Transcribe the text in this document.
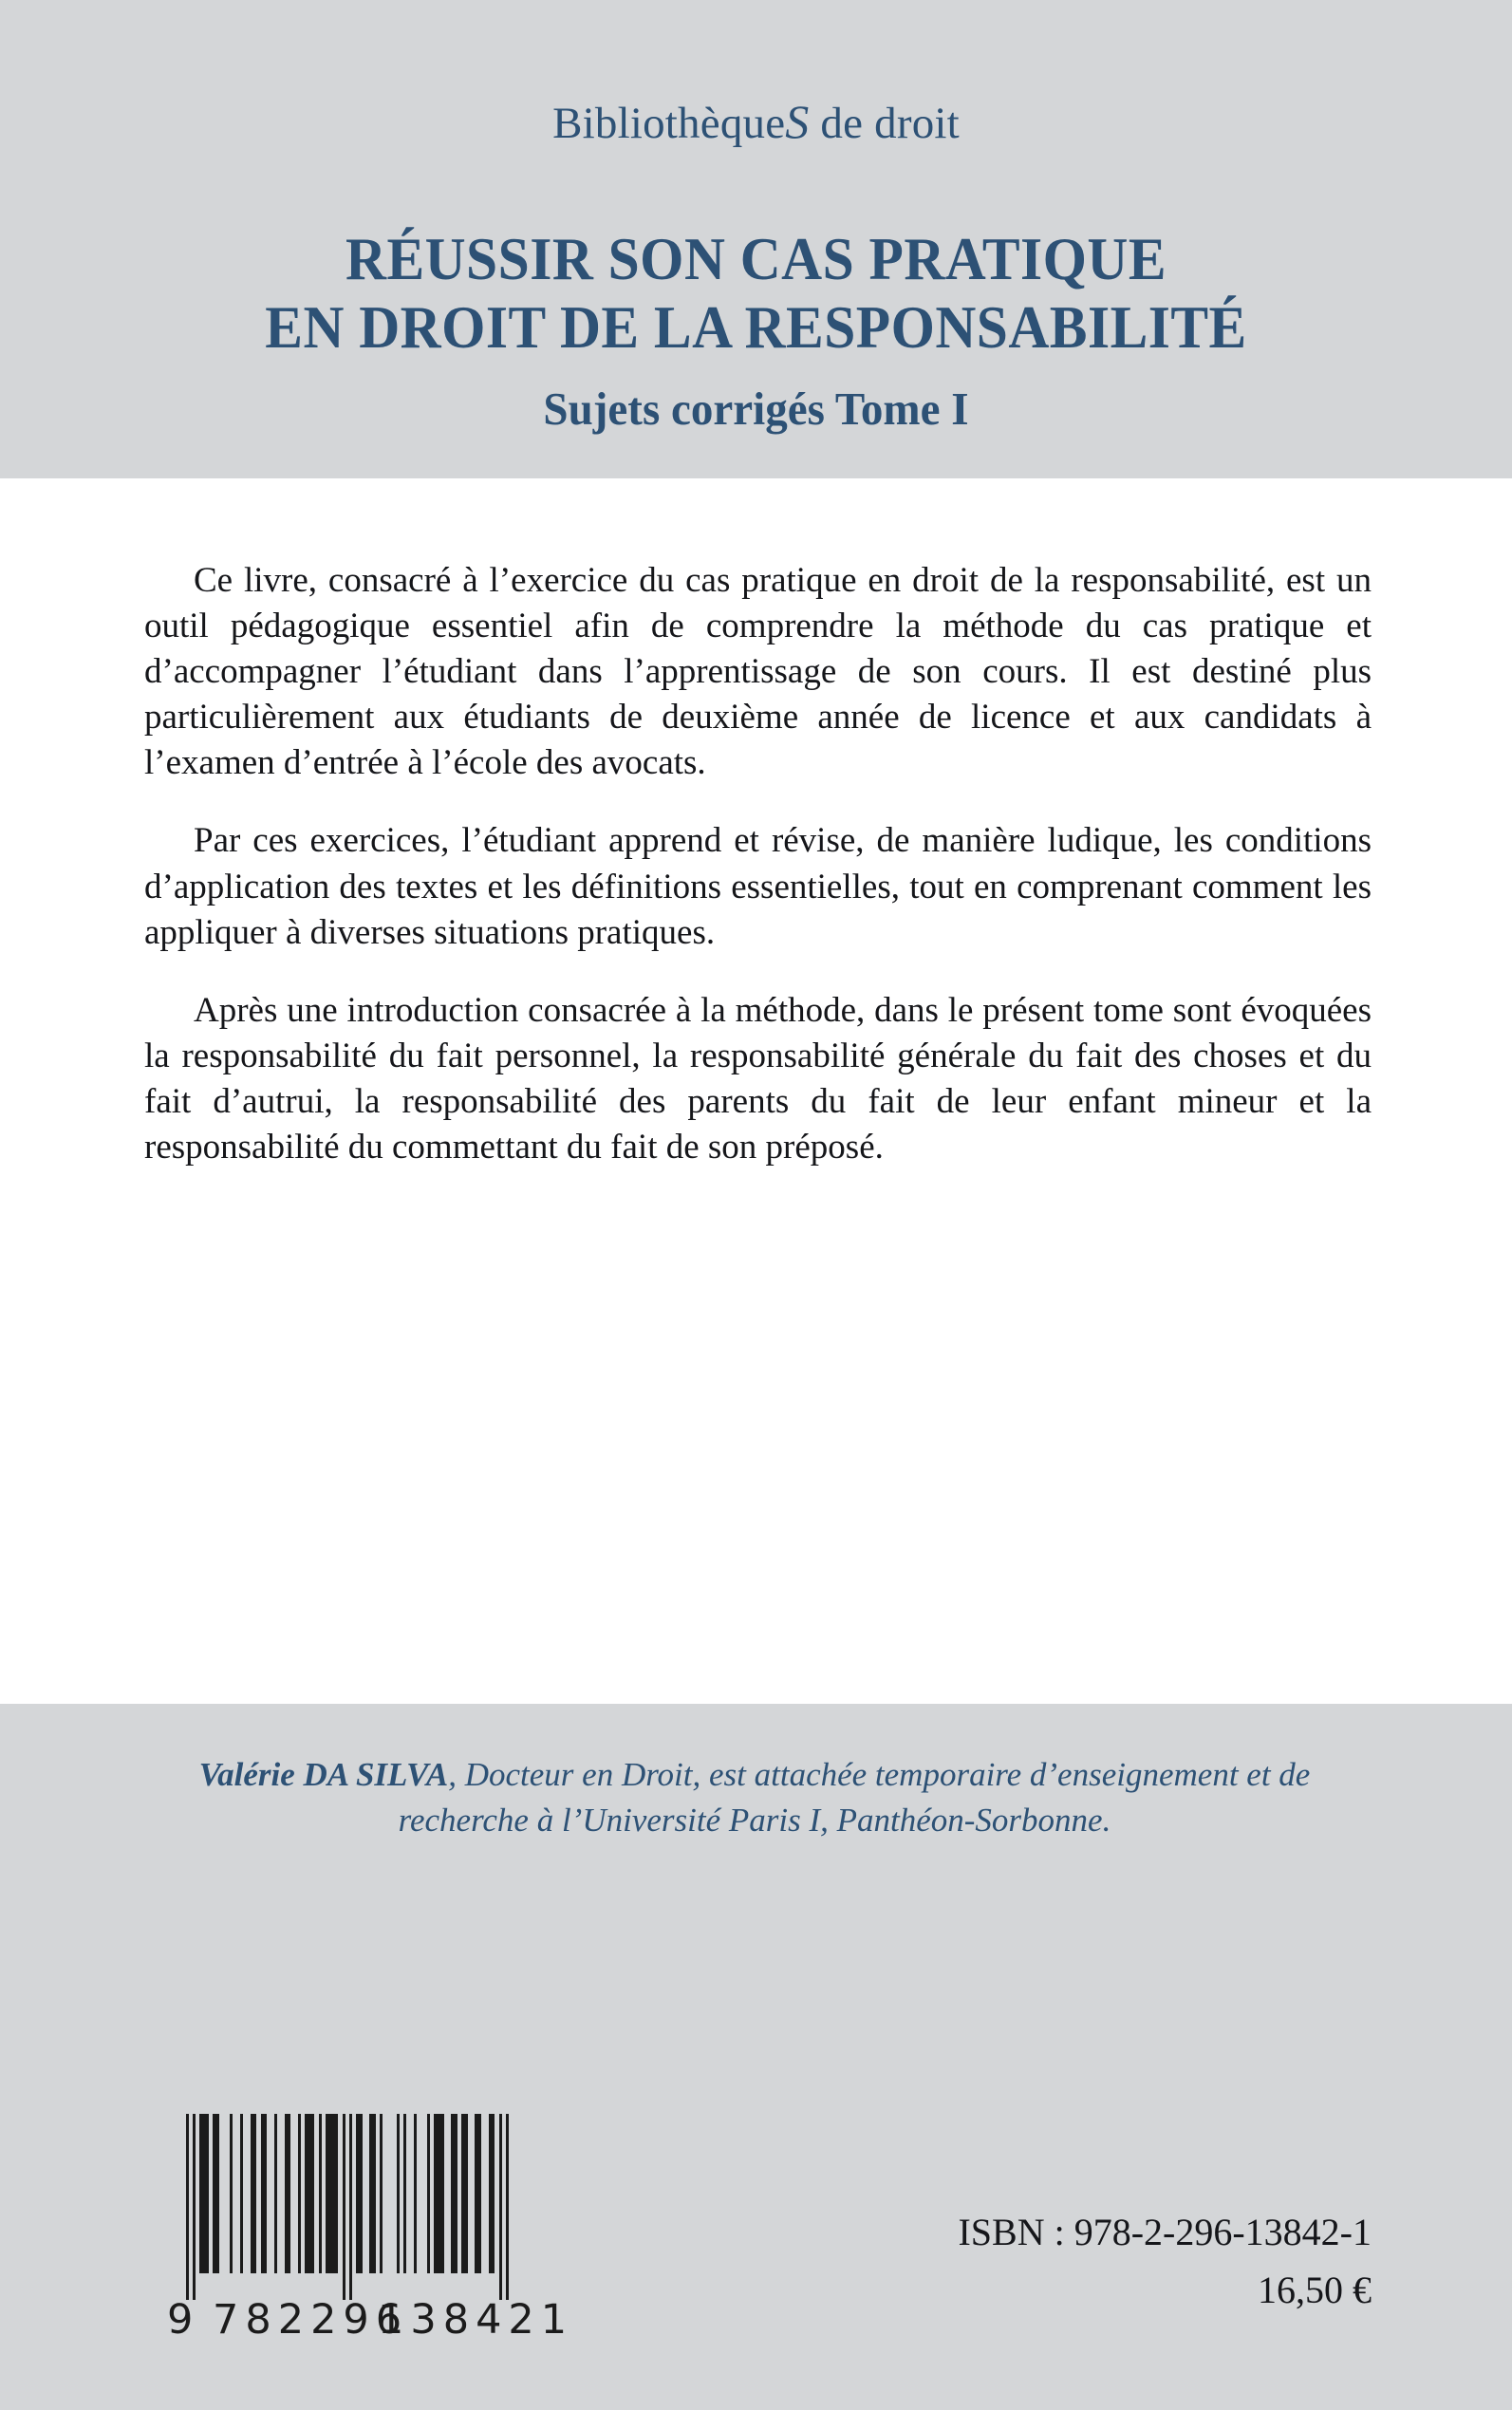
BibliothèqueS de droit
RÉUSSIR SON CAS PRATIQUE
EN DROIT DE LA RESPONSABILITÉ
Sujets corrigés Tome I

Ce livre, consacré à l’exercice du cas pratique en droit de la responsabilité, est un outil pédagogique essentiel afin de comprendre la méthode du cas pratique et d’accompagner l’étudiant dans l’apprentissage de son cours. Il est destiné plus particulièrement aux étudiants de deuxième année de licence et aux candidats à l’examen d’entrée à l’école des avocats.

Par ces exercices, l’étudiant apprend et révise, de manière ludique, les conditions d’application des textes et les définitions essentielles, tout en comprenant comment les appliquer à diverses situations pratiques.

Après une introduction consacrée à la méthode, dans le présent tome sont évoquées la responsabilité du fait personnel, la responsabilité générale du fait des choses et du fait d’autrui, la responsabilité des parents du fait de leur enfant mineur et la responsabilité du commettant du fait de son préposé.

Valérie DA SILVA, Docteur en Droit, est attachée temporaire d’enseignement et de recherche à l’Université Paris I, Panthéon-Sorbonne.
9 782296
138421
ISBN : 978-2-296-13842-1
16,50 €
